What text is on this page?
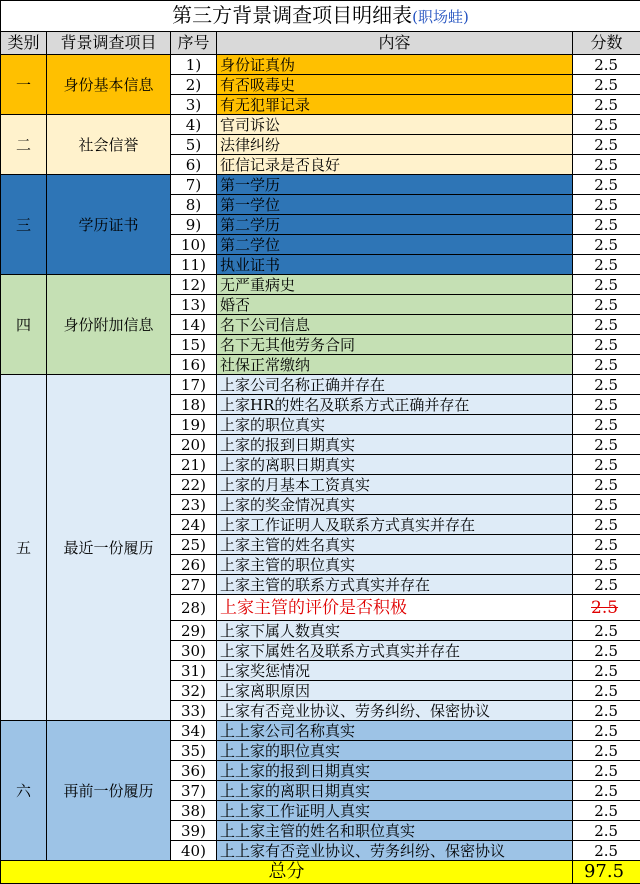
第三方背景调查项目明细表(职场蛙)				
类别	背景调查项目	序号	内容	分数
一	身份基本信息	1)	身份证真伪	2.5
		2)	有否吸毒史	2.5
		3)	有无犯罪记录	2.5
二	社会信誉	4)	官司诉讼	2.5
		5)	法律纠纷	2.5
		6)	征信记录是否良好	2.5
三	学历证书	7)	第一学历	2.5
		8)	第一学位	2.5
		9)	第二学历	2.5
		10)	第二学位	2.5
		11)	执业证书	2.5
四	身份附加信息	12)	无严重病史	2.5
		13)	婚否	2.5
		14)	名下公司信息	2.5
		15)	名下无其他劳务合同	2.5
		16)	社保正常缴纳	2.5
五	最近一份履历	17)	上家公司名称正确并存在	2.5
		18)	上家HR的姓名及联系方式正确并存在	2.5
		19)	上家的职位真实	2.5
		20)	上家的报到日期真实	2.5
		21)	上家的离职日期真实	2.5
		22)	上家的月基本工资真实	2.5
		23)	上家的奖金情况真实	2.5
		24)	上家工作证明人及联系方式真实并存在	2.5
		25)	上家主管的姓名真实	2.5
		26)	上家主管的职位真实	2.5
		27)	上家主管的联系方式真实并存在	2.5
		28)	上家主管的评价是否积极	2.5
		29)	上家下属人数真实	2.5
		30)	上家下属姓名及联系方式真实并存在	2.5
		31)	上家奖惩情况	2.5
		32)	上家离职原因	2.5
		33)	上家有否竞业协议、劳务纠纷、保密协议	2.5
六	再前一份履历	34)	上上家公司名称真实	2.5
		35)	上上家的职位真实	2.5
		36)	上上家的报到日期真实	2.5
		37)	上上家的离职日期真实	2.5
		38)	上上家工作证明人真实	2.5
		39)	上上家主管的姓名和职位真实	2.5
		40)	上上家有否竞业协议、劳务纠纷、保密协议	2.5
总分				97.5
